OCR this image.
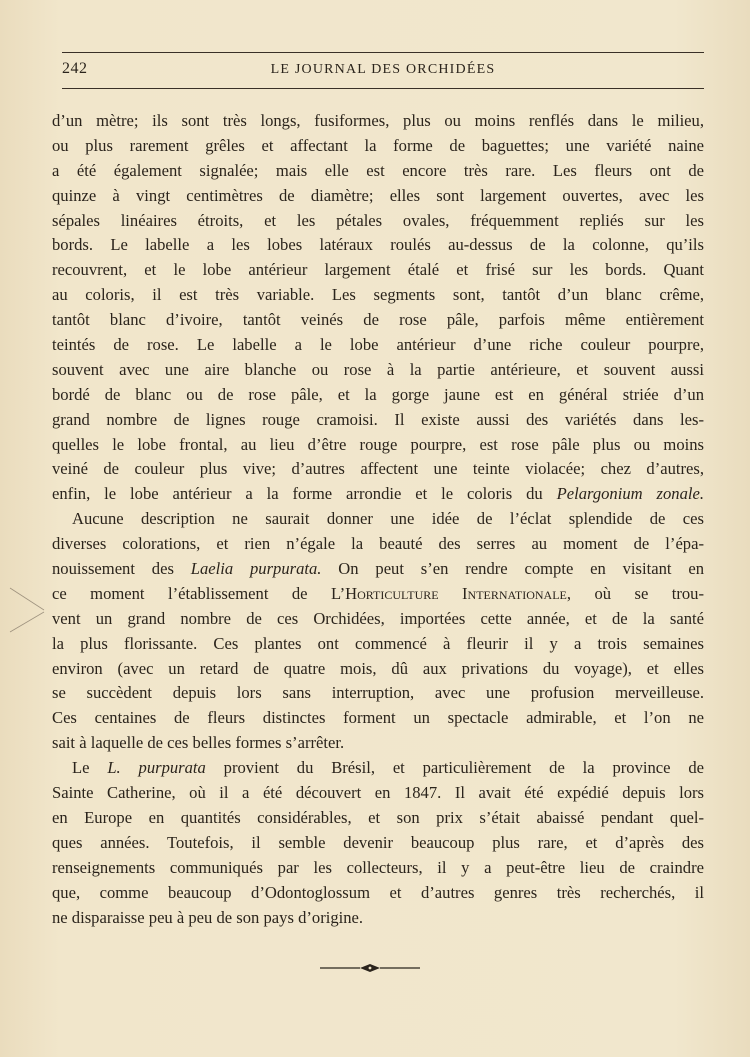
242	LE JOURNAL DES ORCHIDÉES
d’un mètre; ils sont très longs, fusiformes, plus ou moins renflés dans le milieu,
ou plus rarement grêles et affectant la forme de baguettes; une variété naine
a été également signalée; mais elle est encore très rare. Les fleurs ont de
quinze à vingt centimètres de diamètre; elles sont largement ouvertes, avec les
sépales linéaires étroits, et les pétales ovales, fréquemment repliés sur les
bords. Le labelle a les lobes latéraux roulés au-dessus de la colonne, qu’ils
recouvrent, et le lobe antérieur largement étalé et frisé sur les bords. Quant
au coloris, il est très variable. Les segments sont, tantôt d’un blanc crême,
tantôt blanc d’ivoire, tantôt veinés de rose pâle, parfois même entièrement
teintés de rose. Le labelle a le lobe antérieur d’une riche couleur pourpre,
souvent avec une aire blanche ou rose à la partie antérieure, et souvent aussi
bordé de blanc ou de rose pâle, et la gorge jaune est en général striée d’un
grand nombre de lignes rouge cramoisi. Il existe aussi des variétés dans les-
quelles le lobe frontal, au lieu d’être rouge pourpre, est rose pâle plus ou moins
veiné de couleur plus vive; d’autres affectent une teinte violacée; chez d’autres,
enfin, le lobe antérieur a la forme arrondie et le coloris du Pelargonium zonale.
Aucune description ne saurait donner une idée de l’éclat splendide de ces
diverses colorations, et rien n’égale la beauté des serres au moment de l’épa-
nouissement des Laelia purpurata. On peut s’en rendre compte en visitant en
ce moment l’établissement de L’Horticulture Internationale, où se trou-
vent un grand nombre de ces Orchidées, importées cette année, et de la santé
la plus florissante. Ces plantes ont commencé à fleurir il y a trois semaines
environ (avec un retard de quatre mois, dû aux privations du voyage), et elles
se succèdent depuis lors sans interruption, avec une profusion merveilleuse.
Ces centaines de fleurs distinctes forment un spectacle admirable, et l’on ne
sait à laquelle de ces belles formes s’arrêter.
Le L. purpurata provient du Brésil, et particulièrement de la province de
Sainte Catherine, où il a été découvert en 1847. Il avait été expédié depuis lors
en Europe en quantités considérables, et son prix s’était abaissé pendant quel-
ques années. Toutefois, il semble devenir beaucoup plus rare, et d’après des
renseignements communiqués par les collecteurs, il y a peut-être lieu de craindre
que, comme beaucoup d’Odontoglossum et d’autres genres très recherchés, il
ne disparaisse peu à peu de son pays d’origine.
